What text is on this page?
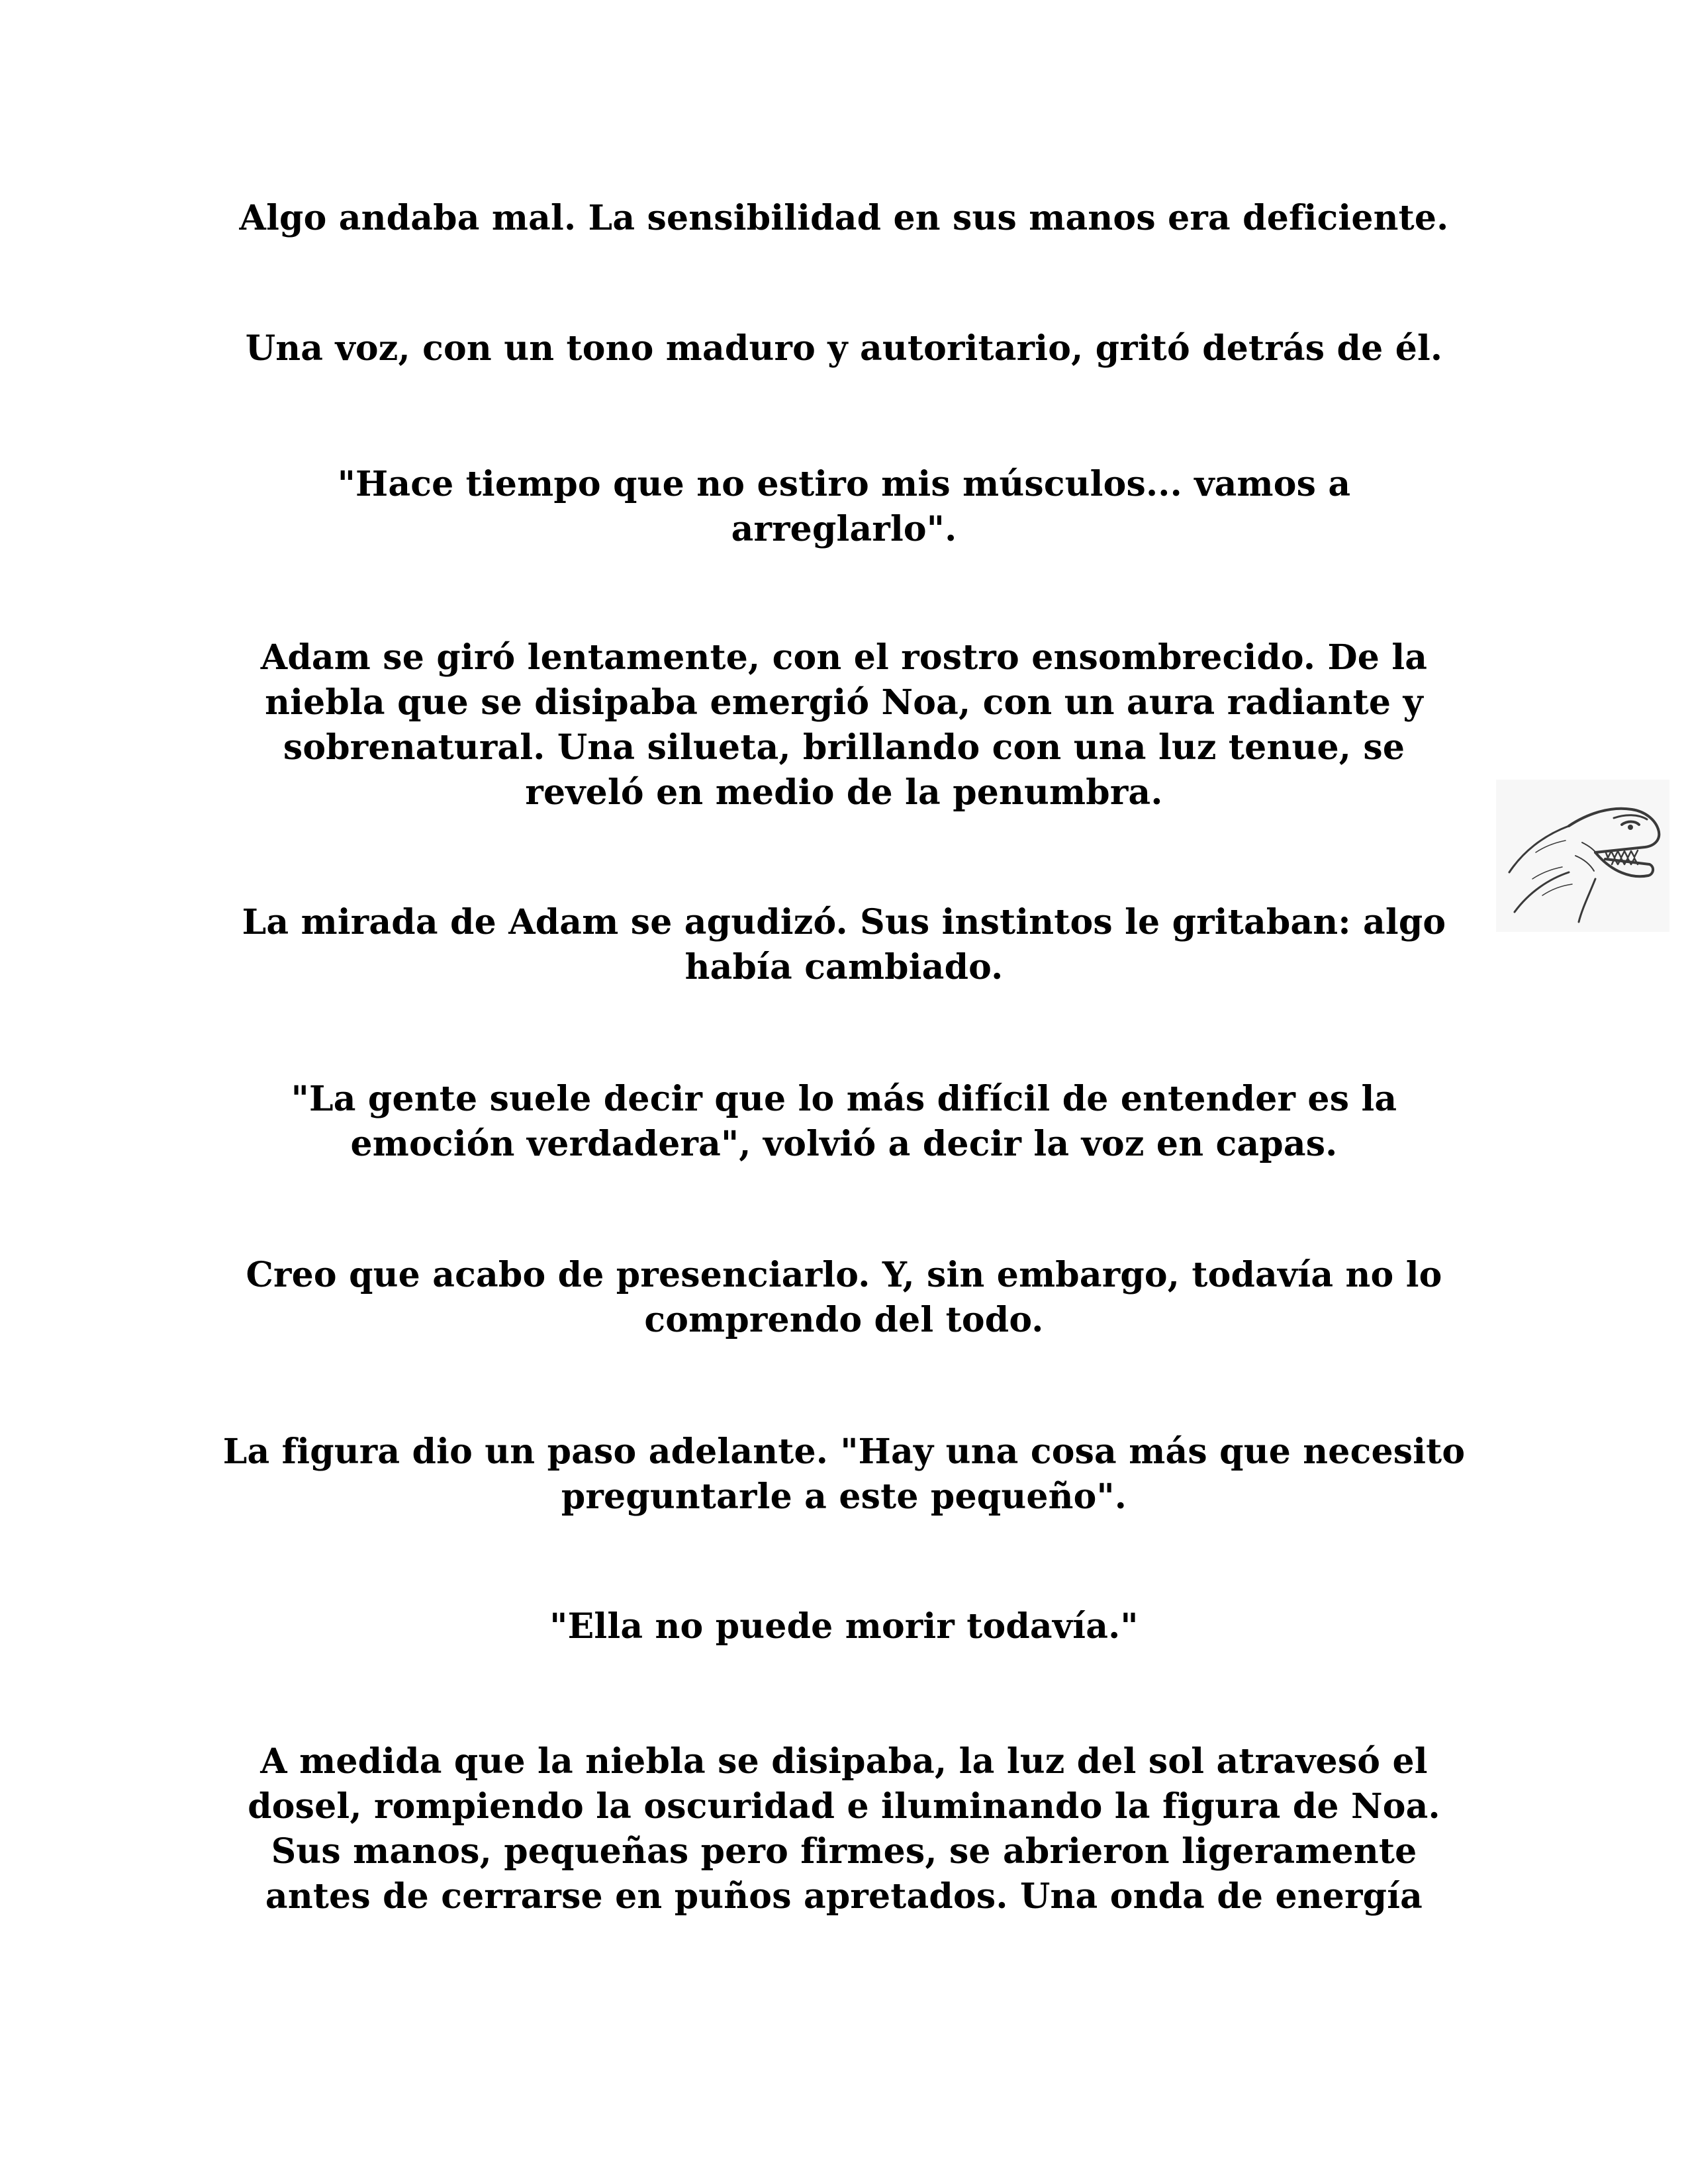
Algo andaba mal. La sensibilidad en sus manos era deficiente.

Una voz, con un tono maduro y autoritario, gritó detrás de él.

"Hace tiempo que no estiro mis músculos... vamos a
arreglarlo".

Adam se giró lentamente, con el rostro ensombrecido. De la
niebla que se disipaba emergió Noa, con un aura radiante y
sobrenatural. Una silueta, brillando con una luz tenue, se
reveló en medio de la penumbra.

La mirada de Adam se agudizó. Sus instintos le gritaban: algo
había cambiado.

"La gente suele decir que lo más difícil de entender es la
emoción verdadera", volvió a decir la voz en capas.

Creo que acabo de presenciarlo. Y, sin embargo, todavía no lo
comprendo del todo.

La figura dio un paso adelante. "Hay una cosa más que necesito
preguntarle a este pequeño".

"Ella no puede morir todavía."

A medida que la niebla se disipaba, la luz del sol atravesó el
dosel, rompiendo la oscuridad e iluminando la figura de Noa.
Sus manos, pequeñas pero firmes, se abrieron ligeramente
antes de cerrarse en puños apretados. Una onda de energía
